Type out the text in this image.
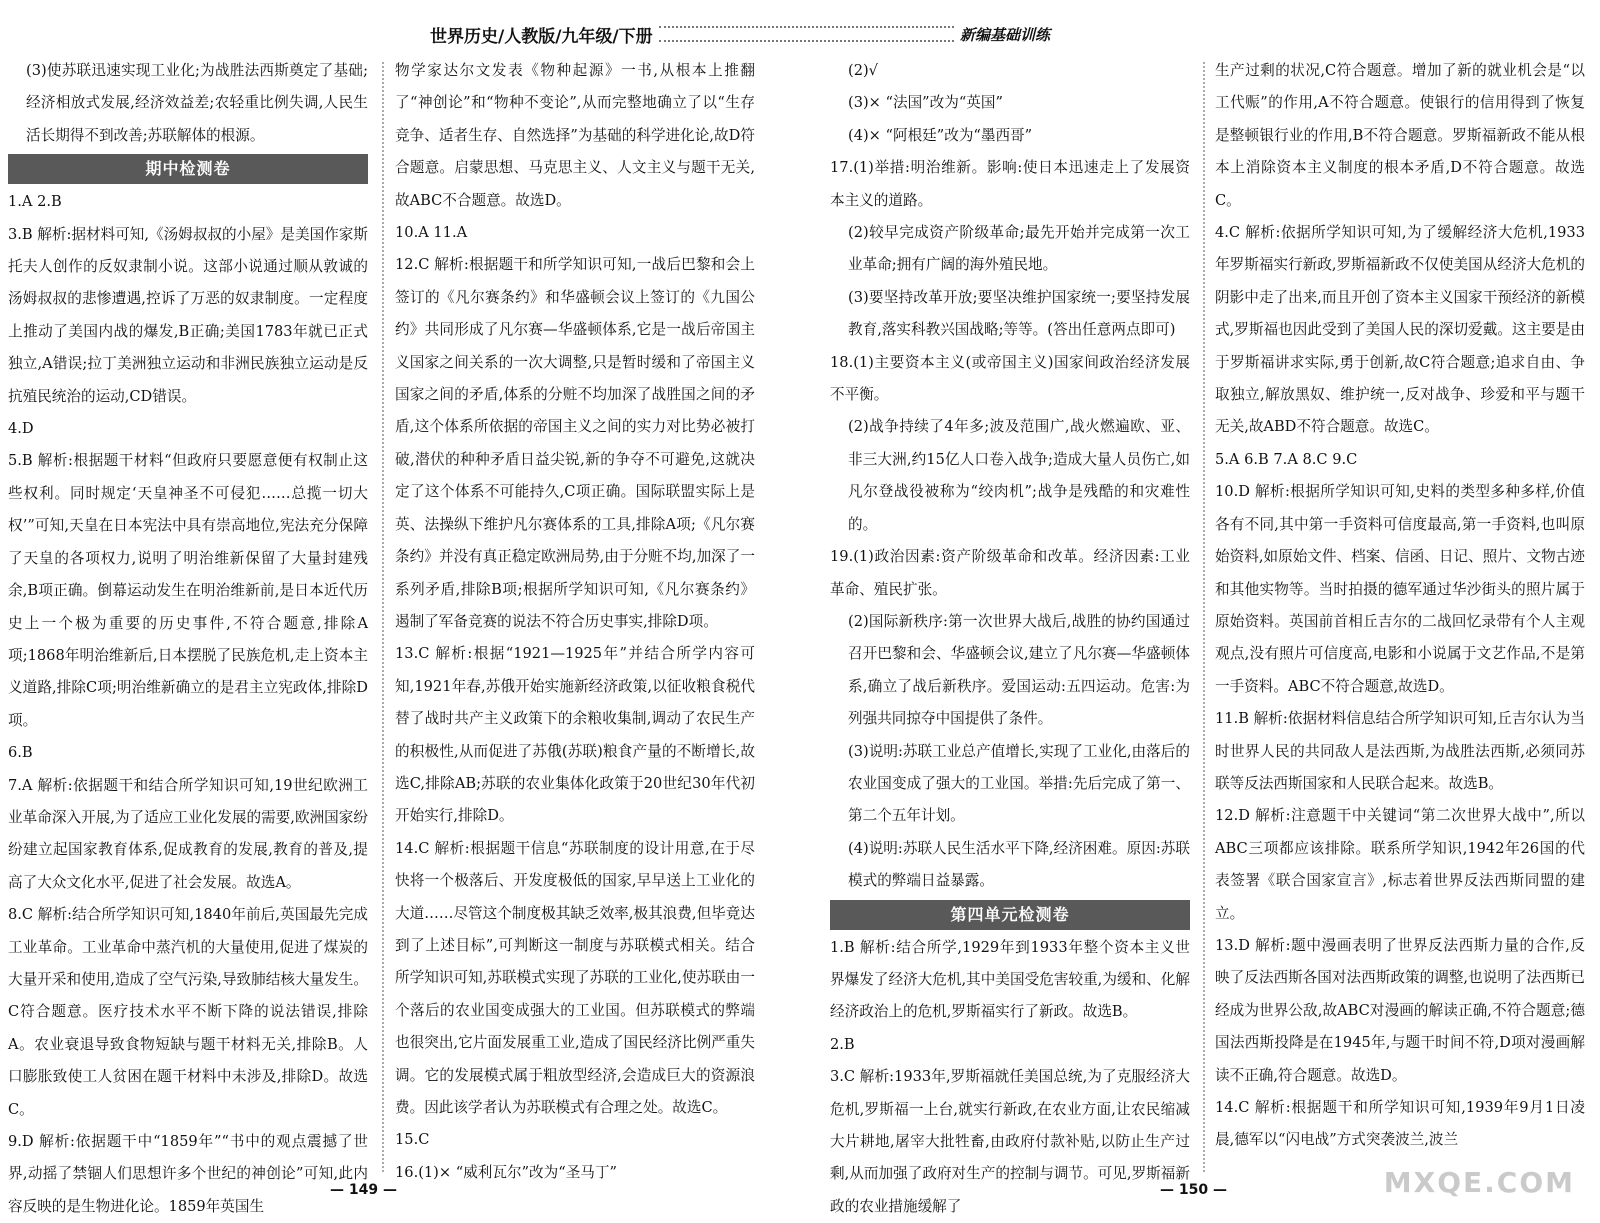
世界历史/人教版/九年级/下册	新编基础训练

(3)使苏联迅速实现工业化;为战胜法西斯奠定了基础;经济相放式发展,经济效益差;农轻重比例失调,人民生活长期得不到改善;苏联解体的根源。

期中检测卷

1.A 2.B

3.B 解析:据材料可知,《汤姆叔叔的小屋》是美国作家斯托夫人创作的反奴隶制小说。这部小说通过顺从敦诚的汤姆叔叔的悲惨遭遇,控诉了万恶的奴隶制度。一定程度上推动了美国内战的爆发,B正确;美国1783年就已正式独立,A错误;拉丁美洲独立运动和非洲民族独立运动是反抗殖民统治的运动,CD错误。

4.D

5.B 解析:根据题干材料“但政府只要愿意便有权制止这些权利。同时规定‘天皇神圣不可侵犯……总揽一切大权’”可知,天皇在日本宪法中具有崇高地位,宪法充分保障了天皇的各项权力,说明了明治维新保留了大量封建残余,B项正确。倒幕运动发生在明治维新前,是日本近代历史上一个极为重要的历史事件,不符合题意,排除A项;1868年明治维新后,日本摆脱了民族危机,走上资本主义道路,排除C项;明治维新确立的是君主立宪政体,排除D项。

6.B

7.A 解析:依据题干和结合所学知识可知,19世纪欧洲工业革命深入开展,为了适应工业化发展的需要,欧洲国家纷纷建立起国家教育体系,促成教育的发展,教育的普及,提高了大众文化水平,促进了社会发展。故选A。

8.C 解析:结合所学知识可知,1840年前后,英国最先完成工业革命。工业革命中蒸汽机的大量使用,促进了煤炭的大量开采和使用,造成了空气污染,导致肺结核大量发生。C符合题意。医疗技术水平不断下降的说法错误,排除A。农业衰退导致食物短缺与题干材料无关,排除B。人口膨胀致使工人贫困在题干材料中未涉及,排除D。故选C。

9.D 解析:依据题干中“1859年”“书中的观点震撼了世界,动摇了禁锢人们思想许多个世纪的神创论”可知,此内容反映的是生物进化论。1859年英国生

物学家达尔文发表《物种起源》一书,从根本上推翻了“神创论”和“物种不变论”,从而完整地确立了以“生存竞争、适者生存、自然选择”为基础的科学进化论,故D符合题意。启蒙思想、马克思主义、人文主义与题干无关,故ABC不合题意。故选D。

10.A 11.A

12.C 解析:根据题干和所学知识可知,一战后巴黎和会上签订的《凡尔赛条约》和华盛顿会议上签订的《九国公约》共同形成了凡尔赛—华盛顿体系,它是一战后帝国主义国家之间关系的一次大调整,只是暂时缓和了帝国主义国家之间的矛盾,体系的分赃不均加深了战胜国之间的矛盾,这个体系所依据的帝国主义之间的实力对比势必被打破,潜伏的种种矛盾日益尖锐,新的争夺不可避免,这就决定了这个体系不可能持久,C项正确。国际联盟实际上是英、法操纵下维护凡尔赛体系的工具,排除A项;《凡尔赛条约》并没有真正稳定欧洲局势,由于分赃不均,加深了一系列矛盾,排除B项;根据所学知识可知,《凡尔赛条约》遏制了军备竞赛的说法不符合历史事实,排除D项。

13.C 解析:根据“1921—1925年”并结合所学内容可知,1921年春,苏俄开始实施新经济政策,以征收粮食税代替了战时共产主义政策下的余粮收集制,调动了农民生产的积极性,从而促进了苏俄(苏联)粮食产量的不断增长,故选C,排除AB;苏联的农业集体化政策于20世纪30年代初开始实行,排除D。

14.C 解析:根据题干信息“苏联制度的设计用意,在于尽快将一个极落后、开发度极低的国家,早早送上工业化的大道……尽管这个制度极其缺乏效率,极其浪费,但毕竟达到了上述目标”,可判断这一制度与苏联模式相关。结合所学知识可知,苏联模式实现了苏联的工业化,使苏联由一个落后的农业国变成强大的工业国。但苏联模式的弊端也很突出,它片面发展重工业,造成了国民经济比例严重失调。它的发展模式属于粗放型经济,会造成巨大的资源浪费。因此该学者认为苏联模式有合理之处。故选C。

15.C

16.(1)× “威利瓦尔”改为“圣马丁”

(2)√

(3)× “法国”改为“英国”

(4)× “阿根廷”改为“墨西哥”

17.(1)举措:明治维新。影响:使日本迅速走上了发展资本主义的道路。

(2)较早完成资产阶级革命;最先开始并完成第一次工业革命;拥有广阔的海外殖民地。

(3)要坚持改革开放;要坚决维护国家统一;要坚持发展教育,落实科教兴国战略;等等。(答出任意两点即可)

18.(1)主要资本主义(或帝国主义)国家间政治经济发展不平衡。

(2)战争持续了4年多;波及范围广,战火燃遍欧、亚、非三大洲,约15亿人口卷入战争;造成大量人员伤亡,如凡尔登战役被称为“绞肉机”;战争是残酷的和灾难性的。

19.(1)政治因素:资产阶级革命和改革。经济因素:工业革命、殖民扩张。

(2)国际新秩序:第一次世界大战后,战胜的协约国通过召开巴黎和会、华盛顿会议,建立了凡尔赛—华盛顿体系,确立了战后新秩序。爱国运动:五四运动。危害:为列强共同掠夺中国提供了条件。

(3)说明:苏联工业总产值增长,实现了工业化,由落后的农业国变成了强大的工业国。举措:先后完成了第一、第二个五年计划。

(4)说明:苏联人民生活水平下降,经济困难。原因:苏联模式的弊端日益暴露。

第四单元检测卷

1.B 解析:结合所学,1929年到1933年整个资本主义世界爆发了经济大危机,其中美国受危害较重,为缓和、化解经济政治上的危机,罗斯福实行了新政。故选B。

2.B

3.C 解析:1933年,罗斯福就任美国总统,为了克服经济大危机,罗斯福一上台,就实行新政,在农业方面,让农民缩减大片耕地,屠宰大批牲畜,由政府付款补贴,以防止生产过剩,从而加强了政府对生产的控制与调节。可见,罗斯福新政的农业措施缓解了

生产过剩的状况,C符合题意。增加了新的就业机会是“以工代赈”的作用,A不符合题意。使银行的信用得到了恢复是整顿银行业的作用,B不符合题意。罗斯福新政不能从根本上消除资本主义制度的根本矛盾,D不符合题意。故选C。

4.C 解析:依据所学知识可知,为了缓解经济大危机,1933年罗斯福实行新政,罗斯福新政不仅使美国从经济大危机的阴影中走了出来,而且开创了资本主义国家干预经济的新模式,罗斯福也因此受到了美国人民的深切爱戴。这主要是由于罗斯福讲求实际,勇于创新,故C符合题意;追求自由、争取独立,解放黑奴、维护统一,反对战争、珍爱和平与题干无关,故ABD不符合题意。故选C。

5.A 6.B 7.A 8.C 9.C

10.D 解析:根据所学知识可知,史料的类型多种多样,价值各有不同,其中第一手资料可信度最高,第一手资料,也叫原始资料,如原始文件、档案、信函、日记、照片、文物古迹和其他实物等。当时拍摄的德军通过华沙街头的照片属于原始资料。英国前首相丘吉尔的二战回忆录带有个人主观观点,没有照片可信度高,电影和小说属于文艺作品,不是第一手资料。ABC不符合题意,故选D。

11.B 解析:依据材料信息结合所学知识可知,丘吉尔认为当时世界人民的共同敌人是法西斯,为战胜法西斯,必须同苏联等反法西斯国家和人民联合起来。故选B。

12.D 解析:注意题干中关键词“第二次世界大战中”,所以ABC三项都应该排除。联系所学知识,1942年26国的代表签署《联合国家宣言》,标志着世界反法西斯同盟的建立。

13.D 解析:题中漫画表明了世界反法西斯力量的合作,反映了反法西斯各国对法西斯政策的调整,也说明了法西斯已经成为世界公敌,故ABC对漫画的解读正确,不符合题意;德国法西斯投降是在1945年,与题干时间不符,D项对漫画解读不正确,符合题意。故选D。

14.C 解析:根据题干和所学知识可知,1939年9月1日凌晨,德军以“闪电战”方式突袭波兰,波兰

— 149 —	— 150 —	MXQE.COM
